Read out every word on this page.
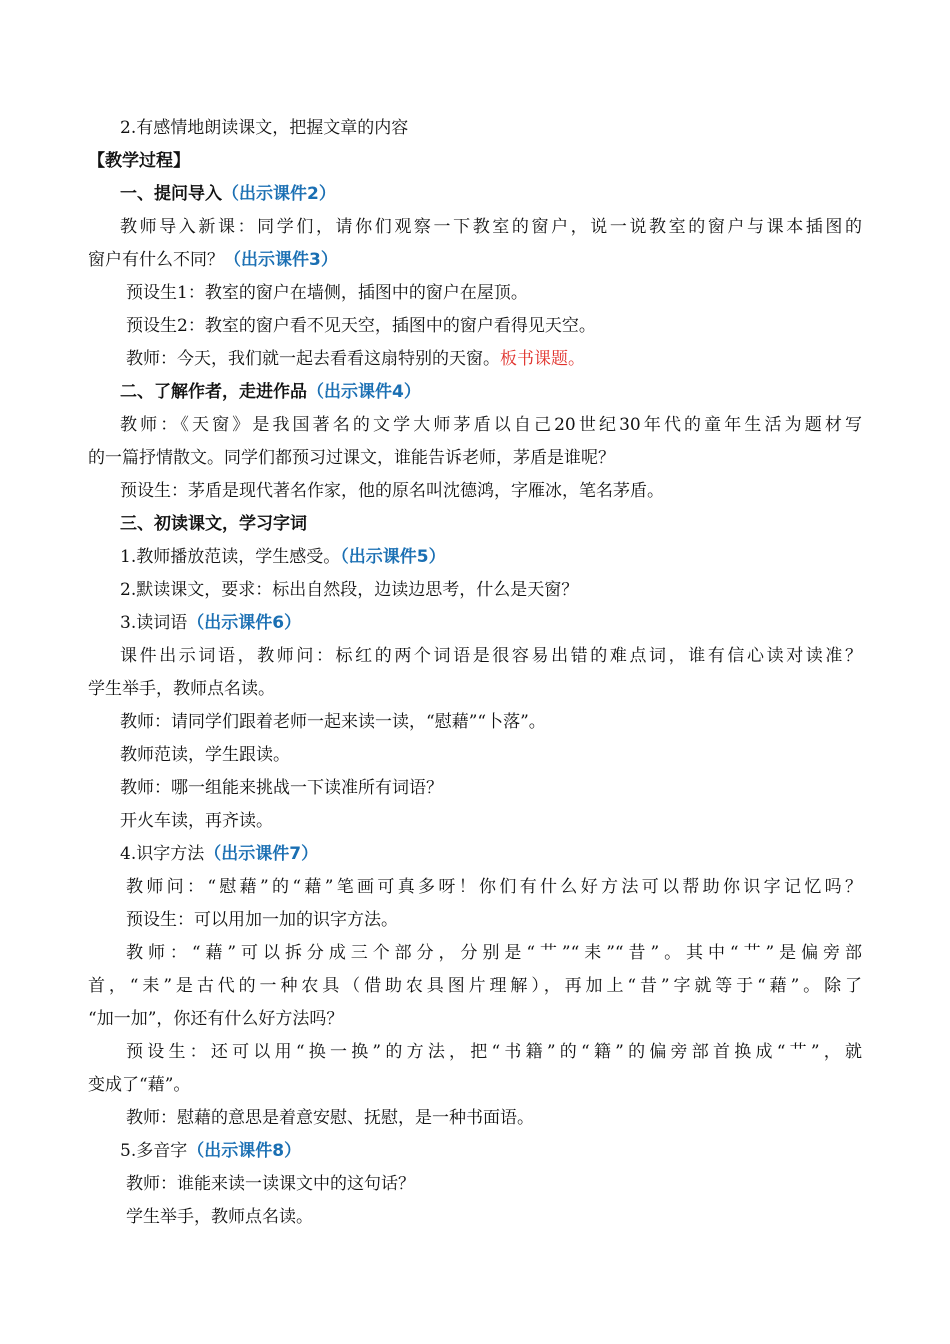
2.有感情地朗读课文，把握文章的内容
【教学过程】
一、提问导入（出示课件2）
教师导入新课：同学们，请你们观察一下教室的窗户，说一说教室的窗户与课本插图的
窗户有什么不同？（出示课件3）
预设生1：教室的窗户在墙侧，插图中的窗户在屋顶。
预设生2：教室的窗户看不见天空，插图中的窗户看得见天空。
教师：今天，我们就一起去看看这扇特别的天窗。板书课题。
二、了解作者，走进作品（出示课件4）
教师：《天窗》是我国著名的文学大师茅盾以自己20世纪30年代的童年生活为题材写
的一篇抒情散文。同学们都预习过课文，谁能告诉老师，茅盾是谁呢？
预设生：茅盾是现代著名作家，他的原名叫沈德鸿，字雁冰，笔名茅盾。
三、初读课文，学习字词
1.教师播放范读，学生感受。（出示课件5）
2.默读课文，要求：标出自然段，边读边思考，什么是天窗？
3.读词语（出示课件6）
课件出示词语，教师问：标红的两个词语是很容易出错的难点词，谁有信心读对读准？
学生举手，教师点名读。
教师：请同学们跟着老师一起来读一读，“慰藉”“卜落”。
教师范读，学生跟读。
教师：哪一组能来挑战一下读准所有词语？
开火车读，再齐读。
4.识字方法（出示课件7）
教师问：“慰藉”的“藉”笔画可真多呀！你们有什么好方法可以帮助你识字记忆吗？
预设生：可以用加一加的识字方法。
教师：“藉”可以拆分成三个部分，分别是“艹”“耒”“昔”。其中“艹”是偏旁部
首，“耒”是古代的一种农具（借助农具图片理解），再加上“昔”字就等于“藉”。除了
“加一加”，你还有什么好方法吗？
预设生：还可以用“换一换”的方法，把“书籍”的“籍”的偏旁部首换成“艹”，就
变成了“藉”。
教师：慰藉的意思是着意安慰、抚慰，是一种书面语。
5.多音字（出示课件8）
教师：谁能来读一读课文中的这句话？
学生举手，教师点名读。
